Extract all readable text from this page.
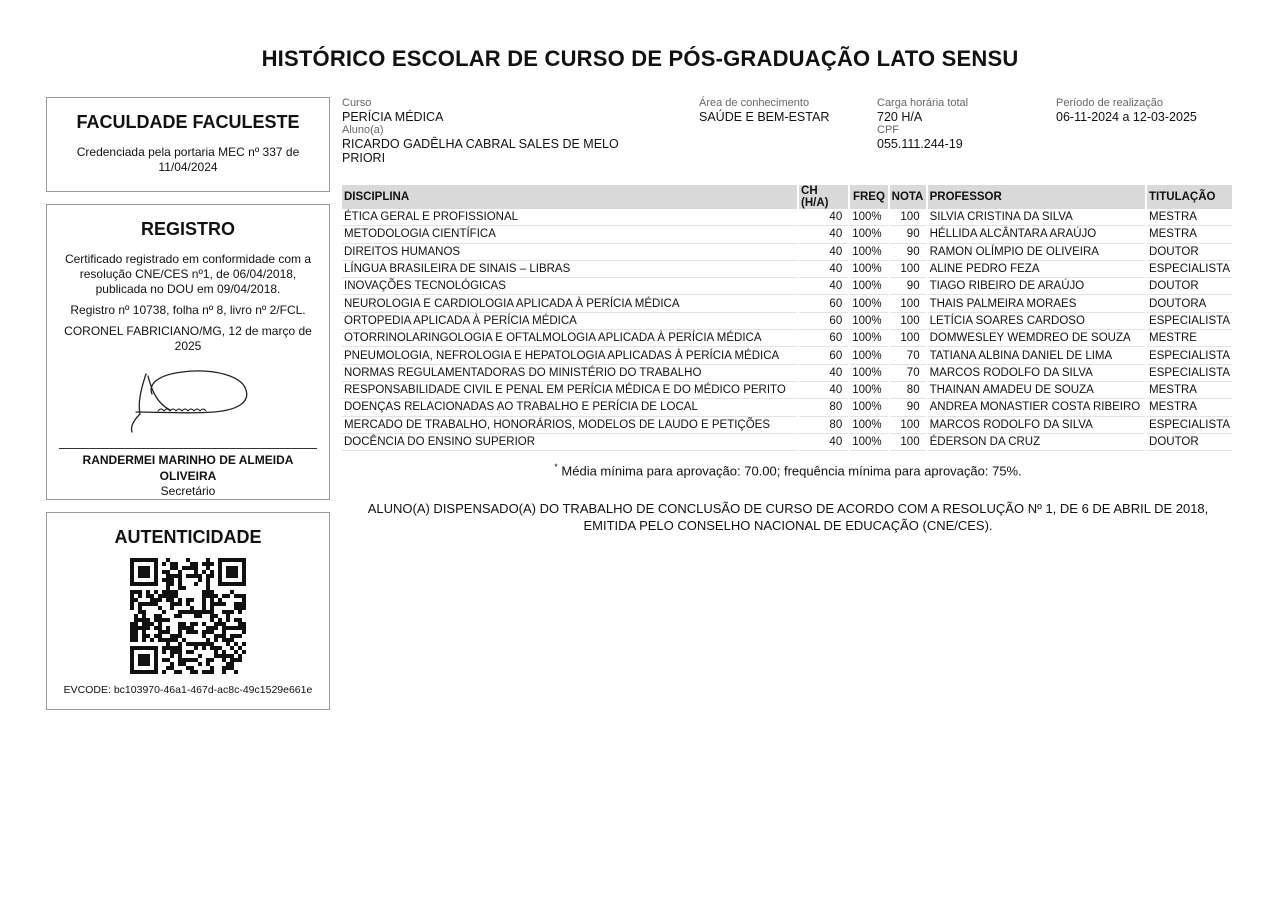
HISTÓRICO ESCOLAR DE CURSO DE PÓS-GRADUAÇÃO LATO SENSU
FACULDADE FACULESTE
Credenciada pela portaria MEC nº 337 de 11/04/2024
REGISTRO
Certificado registrado em conformidade com a resolução CNE/CES nº1, de 06/04/2018, publicada no DOU em 09/04/2018.
Registro nº 10738, folha nº 8, livro nº 2/FCL.
CORONEL FABRICIANO/MG, 12 de março de 2025
RANDERMEI MARINHO DE ALMEIDA OLIVEIRA
Secretário
AUTENTICIDADE
EVCODE: bc103970-46a1-467d-ac8c-49c1529e661e
Curso
PERÍCIA MÉDICA
Aluno(a)
RICARDO GADÊLHA CABRAL SALES DE MELO PRIORI
Área de conhecimento
SAÚDE E BEM-ESTAR
Carga horária total
720 H/A
CPF
055.111.244-19
Período de realização
06-11-2024 a 12-03-2025
DISCIPLINA	CH (H/A)	FREQ	NOTA	PROFESSOR	TITULAÇÃO
ÉTICA GERAL E PROFISSIONAL	40	100%	100	SILVIA CRISTINA DA SILVA	MESTRA
METODOLOGIA CIENTÍFICA	40	100%	90	HÉLLIDA ALCÂNTARA ARAÚJO	MESTRA
DIREITOS HUMANOS	40	100%	90	RAMON OLÍMPIO DE OLIVEIRA	DOUTOR
LÍNGUA BRASILEIRA DE SINAIS – LIBRAS	40	100%	100	ALINE PEDRO FEZA	ESPECIALISTA
INOVAÇÕES TECNOLÓGICAS	40	100%	90	TIAGO RIBEIRO DE ARAÚJO	DOUTOR
NEUROLOGIA E CARDIOLOGIA APLICADA À PERÍCIA MÉDICA	60	100%	100	THAIS PALMEIRA MORAES	DOUTORA
ORTOPEDIA APLICADA À PERÍCIA MÉDICA	60	100%	100	LETÍCIA SOARES CARDOSO	ESPECIALISTA
OTORRINOLARINGOLOGIA E OFTALMOLOGIA APLICADA À PERÍCIA MÉDICA	60	100%	100	DOMWESLEY WEMDREO DE SOUZA	MESTRE
PNEUMOLOGIA, NEFROLOGIA E HEPATOLOGIA APLICADAS À PERÍCIA MÉDICA	60	100%	70	TATIANA ALBINA DANIEL DE LIMA	ESPECIALISTA
NORMAS REGULAMENTADORAS DO MINISTÉRIO DO TRABALHO	40	100%	70	MARCOS RODOLFO DA SILVA	ESPECIALISTA
RESPONSABILIDADE CIVIL E PENAL EM PERÍCIA MÉDICA E DO MÉDICO PERITO	40	100%	80	THAINAN AMADEU DE SOUZA	MESTRA
DOENÇAS RELACIONADAS AO TRABALHO E PERÍCIA DE LOCAL	80	100%	90	ANDREA MONASTIER COSTA RIBEIRO	MESTRA
MERCADO DE TRABALHO, HONORÁRIOS, MODELOS DE LAUDO E PETIÇÕES	80	100%	100	MARCOS RODOLFO DA SILVA	ESPECIALISTA
DOCÊNCIA DO ENSINO SUPERIOR	40	100%	100	ÉDERSON DA CRUZ	DOUTOR
* Média mínima para aprovação: 70.00; frequência mínima para aprovação: 75%.
ALUNO(A) DISPENSADO(A) DO TRABALHO DE CONCLUSÃO DE CURSO DE ACORDO COM A RESOLUÇÃO Nº 1, DE 6 DE ABRIL DE 2018,
EMITIDA PELO CONSELHO NACIONAL DE EDUCAÇÃO (CNE/CES).
